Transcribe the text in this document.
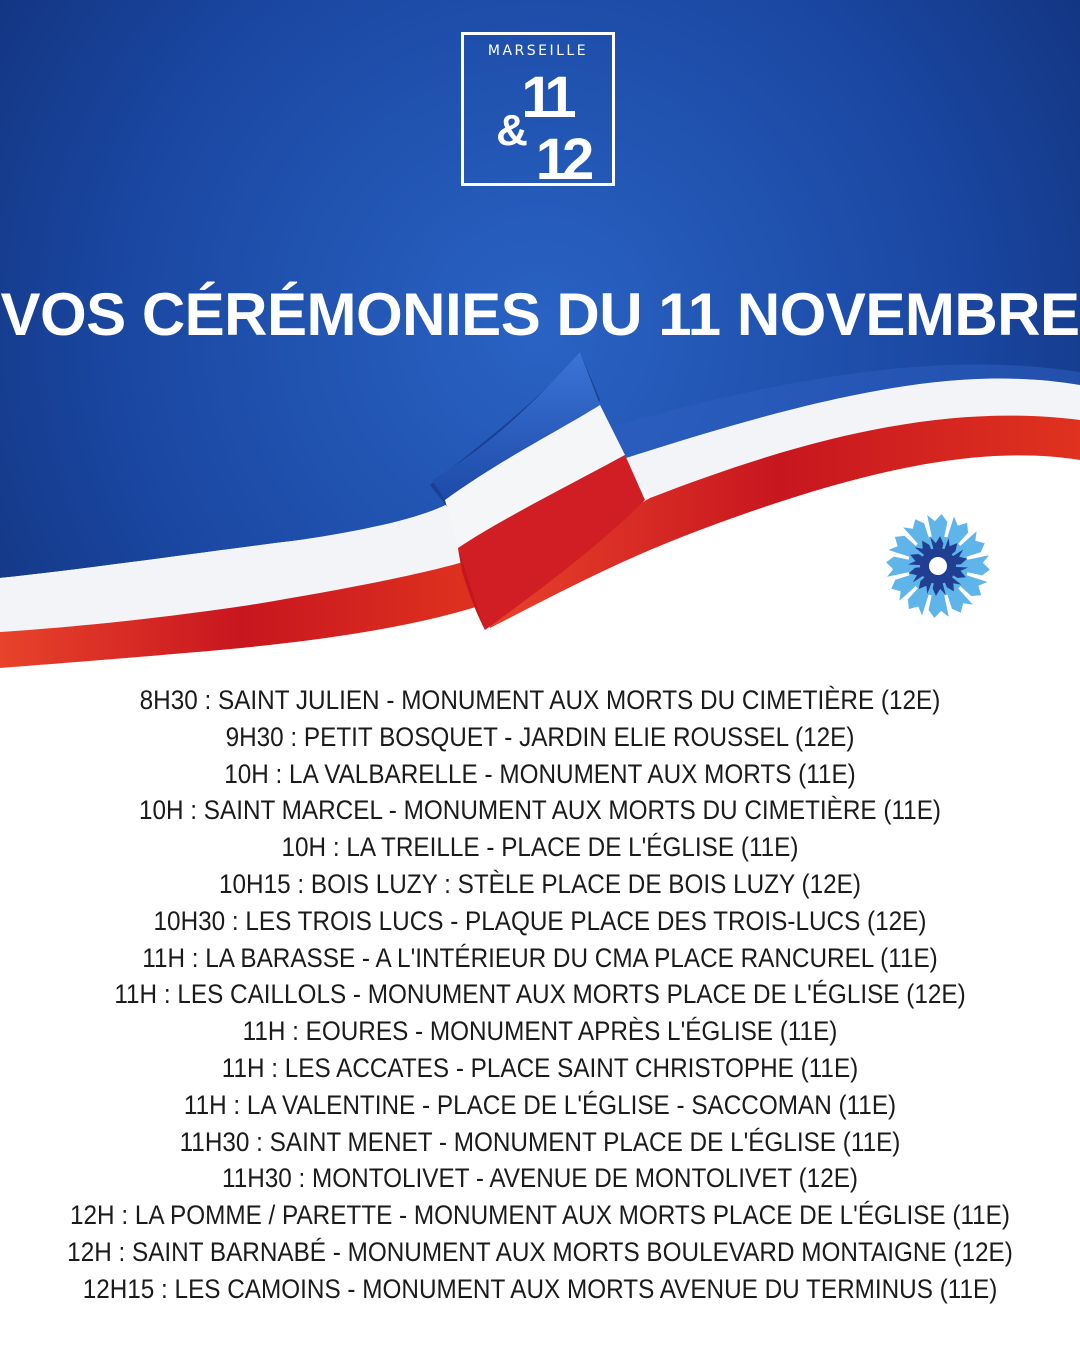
MARSEILLE
11
& 12
VOS CÉRÉMONIES DU 11 NOVEMBRE
8H30 : SAINT JULIEN - MONUMENT AUX MORTS DU CIMETIÈRE (12E)
9H30 : PETIT BOSQUET - JARDIN ELIE ROUSSEL (12E)
10H : LA VALBARELLE - MONUMENT AUX MORTS (11E)
10H : SAINT MARCEL - MONUMENT AUX MORTS DU CIMETIÈRE (11E)
10H : LA TREILLE - PLACE DE L'ÉGLISE (11E)
10H15 : BOIS LUZY : STÈLE PLACE DE BOIS LUZY (12E)
10H30 : LES TROIS LUCS - PLAQUE PLACE DES TROIS-LUCS (12E)
11H : LA BARASSE - A L'INTÉRIEUR DU CMA PLACE RANCUREL (11E)
11H : LES CAILLOLS - MONUMENT AUX MORTS PLACE DE L'ÉGLISE (12E)
11H : EOURES - MONUMENT APRÈS L'ÉGLISE (11E)
11H : LES ACCATES - PLACE SAINT CHRISTOPHE (11E)
11H : LA VALENTINE - PLACE DE L'ÉGLISE - SACCOMAN (11E)
11H30 : SAINT MENET - MONUMENT PLACE DE L'ÉGLISE (11E)
11H30 : MONTOLIVET - AVENUE DE MONTOLIVET (12E)
12H : LA POMME / PARETTE - MONUMENT AUX MORTS PLACE DE L'ÉGLISE (11E)
12H : SAINT BARNABÉ - MONUMENT AUX MORTS BOULEVARD MONTAIGNE (12E)
12H15 : LES CAMOINS - MONUMENT AUX MORTS AVENUE DU TERMINUS (11E)
